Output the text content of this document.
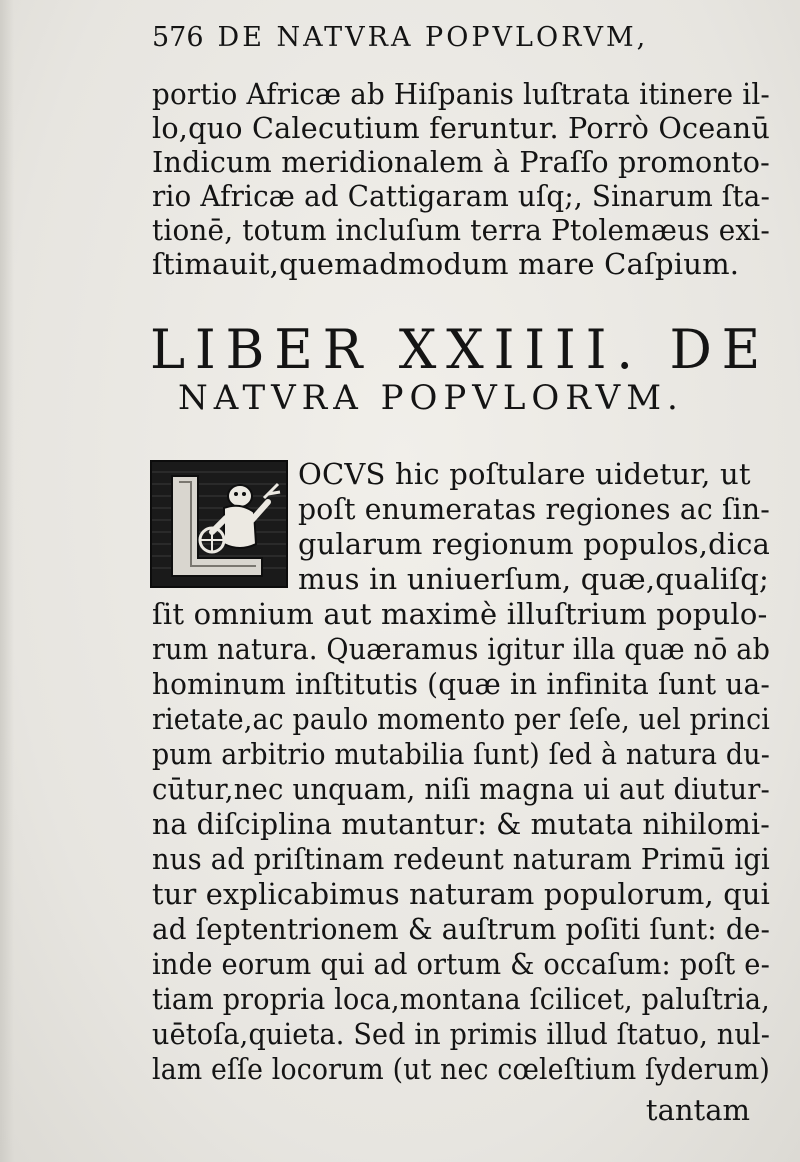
576 DE NATVRA POPVLORVM,
portio Africæ ab Hiſpanis luſtrata itinere il-
lo,quo Calecutium feruntur. Porrò Oceanū
Indicum meridionalem à Praſſo promonto-
rio Africæ ad Cattigaram uſq;, Sinarum ſta-
tionē, totum incluſum terra Ptolemæus exi-
ſtimauit,quemadmodum mare Caſpium.
LIBER XXIIII. DE
NATVRA POPVLORVM.
OCVS hic poſtulare uidetur, ut
poſt enumeratas regiones ac ſin-
gularum regionum populos,dica
mus in uniuerſum, quæ,qualiſq;
ſit omnium aut maximè illuſtrium populo-
rum natura. Quæramus igitur illa quæ nō ab
hominum inſtitutis (quæ in infinita ſunt ua-
rietate,ac paulo momento per ſeſe, uel princi
pum arbitrio mutabilia ſunt) ſed à natura du-
cūtur,nec unquam, niſi magna ui aut diutur-
na diſciplina mutantur: & mutata nihilomi-
nus ad priſtinam redeunt naturam Primū igi
tur explicabimus naturam populorum, qui
ad ſeptentrionem & auſtrum poſiti ſunt: de-
inde eorum qui ad ortum & occaſum: poſt e-
tiam propria loca,montana ſcilicet, paluſtria,
uētoſa,quieta. Sed in primis illud ſtatuo, nul-
lam eſſe locorum (ut nec cœleſtium ſyderum)
tantam
